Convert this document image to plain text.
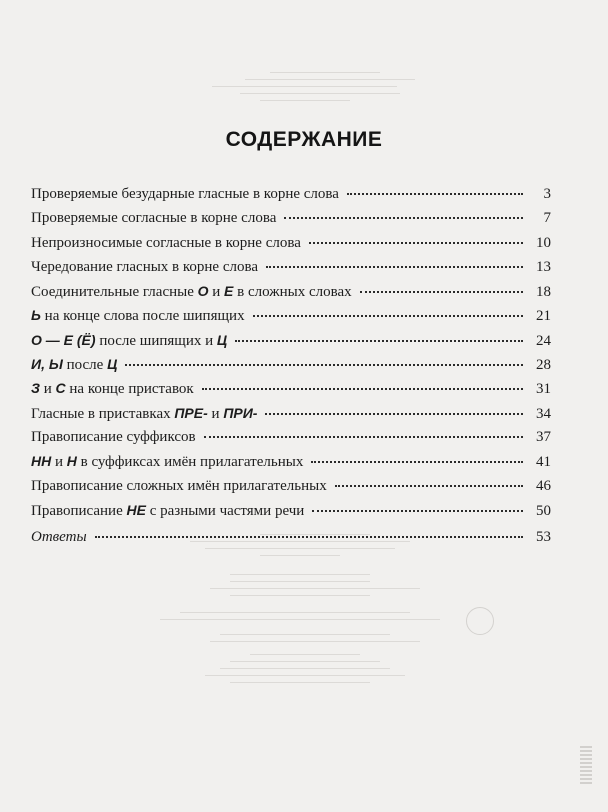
СОДЕРЖАНИЕ
Проверяемые безударные гласные в корне слова	3
Проверяемые согласные в корне слова	7
Непроизносимые согласные в корне слова	10
Чередование гласных в корне слова	13
Соединительные гласные О и Е в сложных словах	18
Ь на конце слова после шипящих	21
О — Е (Ё) после шипящих и Ц	24
И, Ы после Ц	28
З и С на конце приставок	31
Гласные в приставках ПРЕ- и ПРИ-	34
Правописание суффиксов	37
НН и Н в суффиксах имён прилагательных	41
Правописание сложных имён прилагательных	46
Правописание НЕ с разными частями речи	50
Ответы	53
